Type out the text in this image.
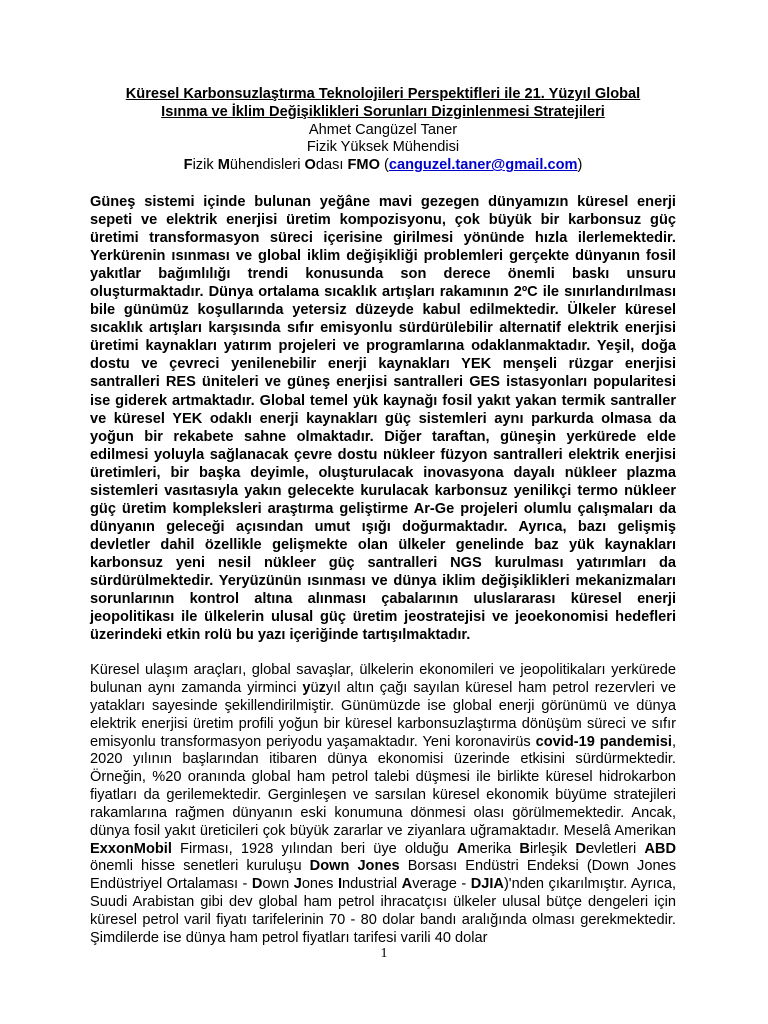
Küresel Karbonsuzlaştırma Teknolojileri Perspektifleri ile 21. Yüzyıl Global
Isınma ve İklim Değişiklikleri Sorunları Dizginlenmesi Stratejileri
Ahmet Cangüzel Taner
Fizik Yüksek Mühendisi
Fizik Mühendisleri Odası FMO (canguzel.taner@gmail.com)
Güneş sistemi içinde bulunan yeğâne mavi gezegen dünyamızın küresel enerji sepeti ve elektrik enerjisi üretim kompozisyonu, çok büyük bir karbonsuz güç üretimi transformasyon süreci içerisine girilmesi yönünde hızla ilerlemektedir. Yerkürenin ısınması ve global iklim değişikliği problemleri gerçekte dünyanın fosil yakıtlar bağımlılığı trendi konusunda son derece önemli baskı unsuru oluşturmaktadır. Dünya ortalama sıcaklık artışları rakamının 2ºC ile sınırlandırılması bile günümüz koşullarında yetersiz düzeyde kabul edilmektedir. Ülkeler küresel sıcaklık artışları karşısında sıfır emisyonlu sürdürülebilir alternatif elektrik enerjisi üretimi kaynakları yatırım projeleri ve programlarına odaklanmaktadır. Yeşil, doğa dostu ve çevreci yenilenebilir enerji kaynakları YEK menşeli rüzgar enerjisi santralleri RES üniteleri ve güneş enerjisi santralleri GES istasyonları popularitesi ise giderek artmaktadır. Global temel yük kaynağı fosil yakıt yakan termik santraller ve küresel YEK odaklı enerji kaynakları güç sistemleri aynı parkurda olmasa da yoğun bir rekabete sahne olmaktadır. Diğer taraftan, güneşin yerkürede elde edilmesi yoluyla sağlanacak çevre dostu nükleer füzyon santralleri elektrik enerjisi üretimleri, bir başka deyimle, oluşturulacak inovasyona dayalı nükleer plazma sistemleri vasıtasıyla yakın gelecekte kurulacak karbonsuz yenilikçi termo nükleer güç üretim kompleksleri araştırma geliştirme Ar-Ge projeleri olumlu çalışmaları da dünyanın geleceği açısından umut ışığı doğurmaktadır. Ayrıca, bazı gelişmiş devletler dahil özellikle gelişmekte olan ülkeler genelinde baz yük kaynakları karbonsuz yeni nesil nükleer güç santralleri NGS kurulması yatırımları da sürdürülmektedir. Yeryüzünün ısınması ve dünya iklim değişiklikleri mekanizmaları sorunlarının kontrol altına alınması çabalarının uluslararası küresel enerji jeopolitikası ile ülkelerin ulusal güç üretim jeostratejisi ve jeoekonomisi hedefleri üzerindeki etkin rolü bu yazı içeriğinde tartışılmaktadır.
Küresel ulaşım araçları, global savaşlar, ülkelerin ekonomileri ve jeopolitikaları yerkürede bulunan aynı zamanda yirminci yüzyıl altın çağı sayılan küresel ham petrol rezervleri ve yatakları sayesinde şekillendirilmiştir. Günümüzde ise global enerji görünümü ve dünya elektrik enerjisi üretim profili yoğun bir küresel karbonsuzlaştırma dönüşüm süreci ve sıfır emisyonlu transformasyon periyodu yaşamaktadır. Yeni koronavirüs covid-19 pandemisi, 2020 yılının başlarından itibaren dünya ekonomisi üzerinde etkisini sürdürmektedir. Örneğin, %20 oranında global ham petrol talebi düşmesi ile birlikte küresel hidrokarbon fiyatları da gerilemektedir. Gerginleşen ve sarsılan küresel ekonomik büyüme stratejileri rakamlarına rağmen dünyanın eski konumuna dönmesi olası görülmemektedir. Ancak, dünya fosil yakıt üreticileri çok büyük zararlar ve ziyanlara uğramaktadır. Meselâ Amerikan ExxonMobil Firması, 1928 yılından beri üye olduğu Amerika Birleşik Devletleri ABD önemli hisse senetleri kuruluşu Down Jones Borsası Endüstri Endeksi (Down Jones Endüstriyel Ortalaması - Down Jones Industrial Average - DJIA)'nden çıkarılmıştır. Ayrıca, Suudi Arabistan gibi dev global ham petrol ihracatçısı ülkeler ulusal bütçe dengeleri için küresel petrol varil fiyatı tarifelerinin 70 - 80 dolar bandı aralığında olması gerekmektedir. Şimdilerde ise dünya ham petrol fiyatları tarifesi varili 40 dolar
1
